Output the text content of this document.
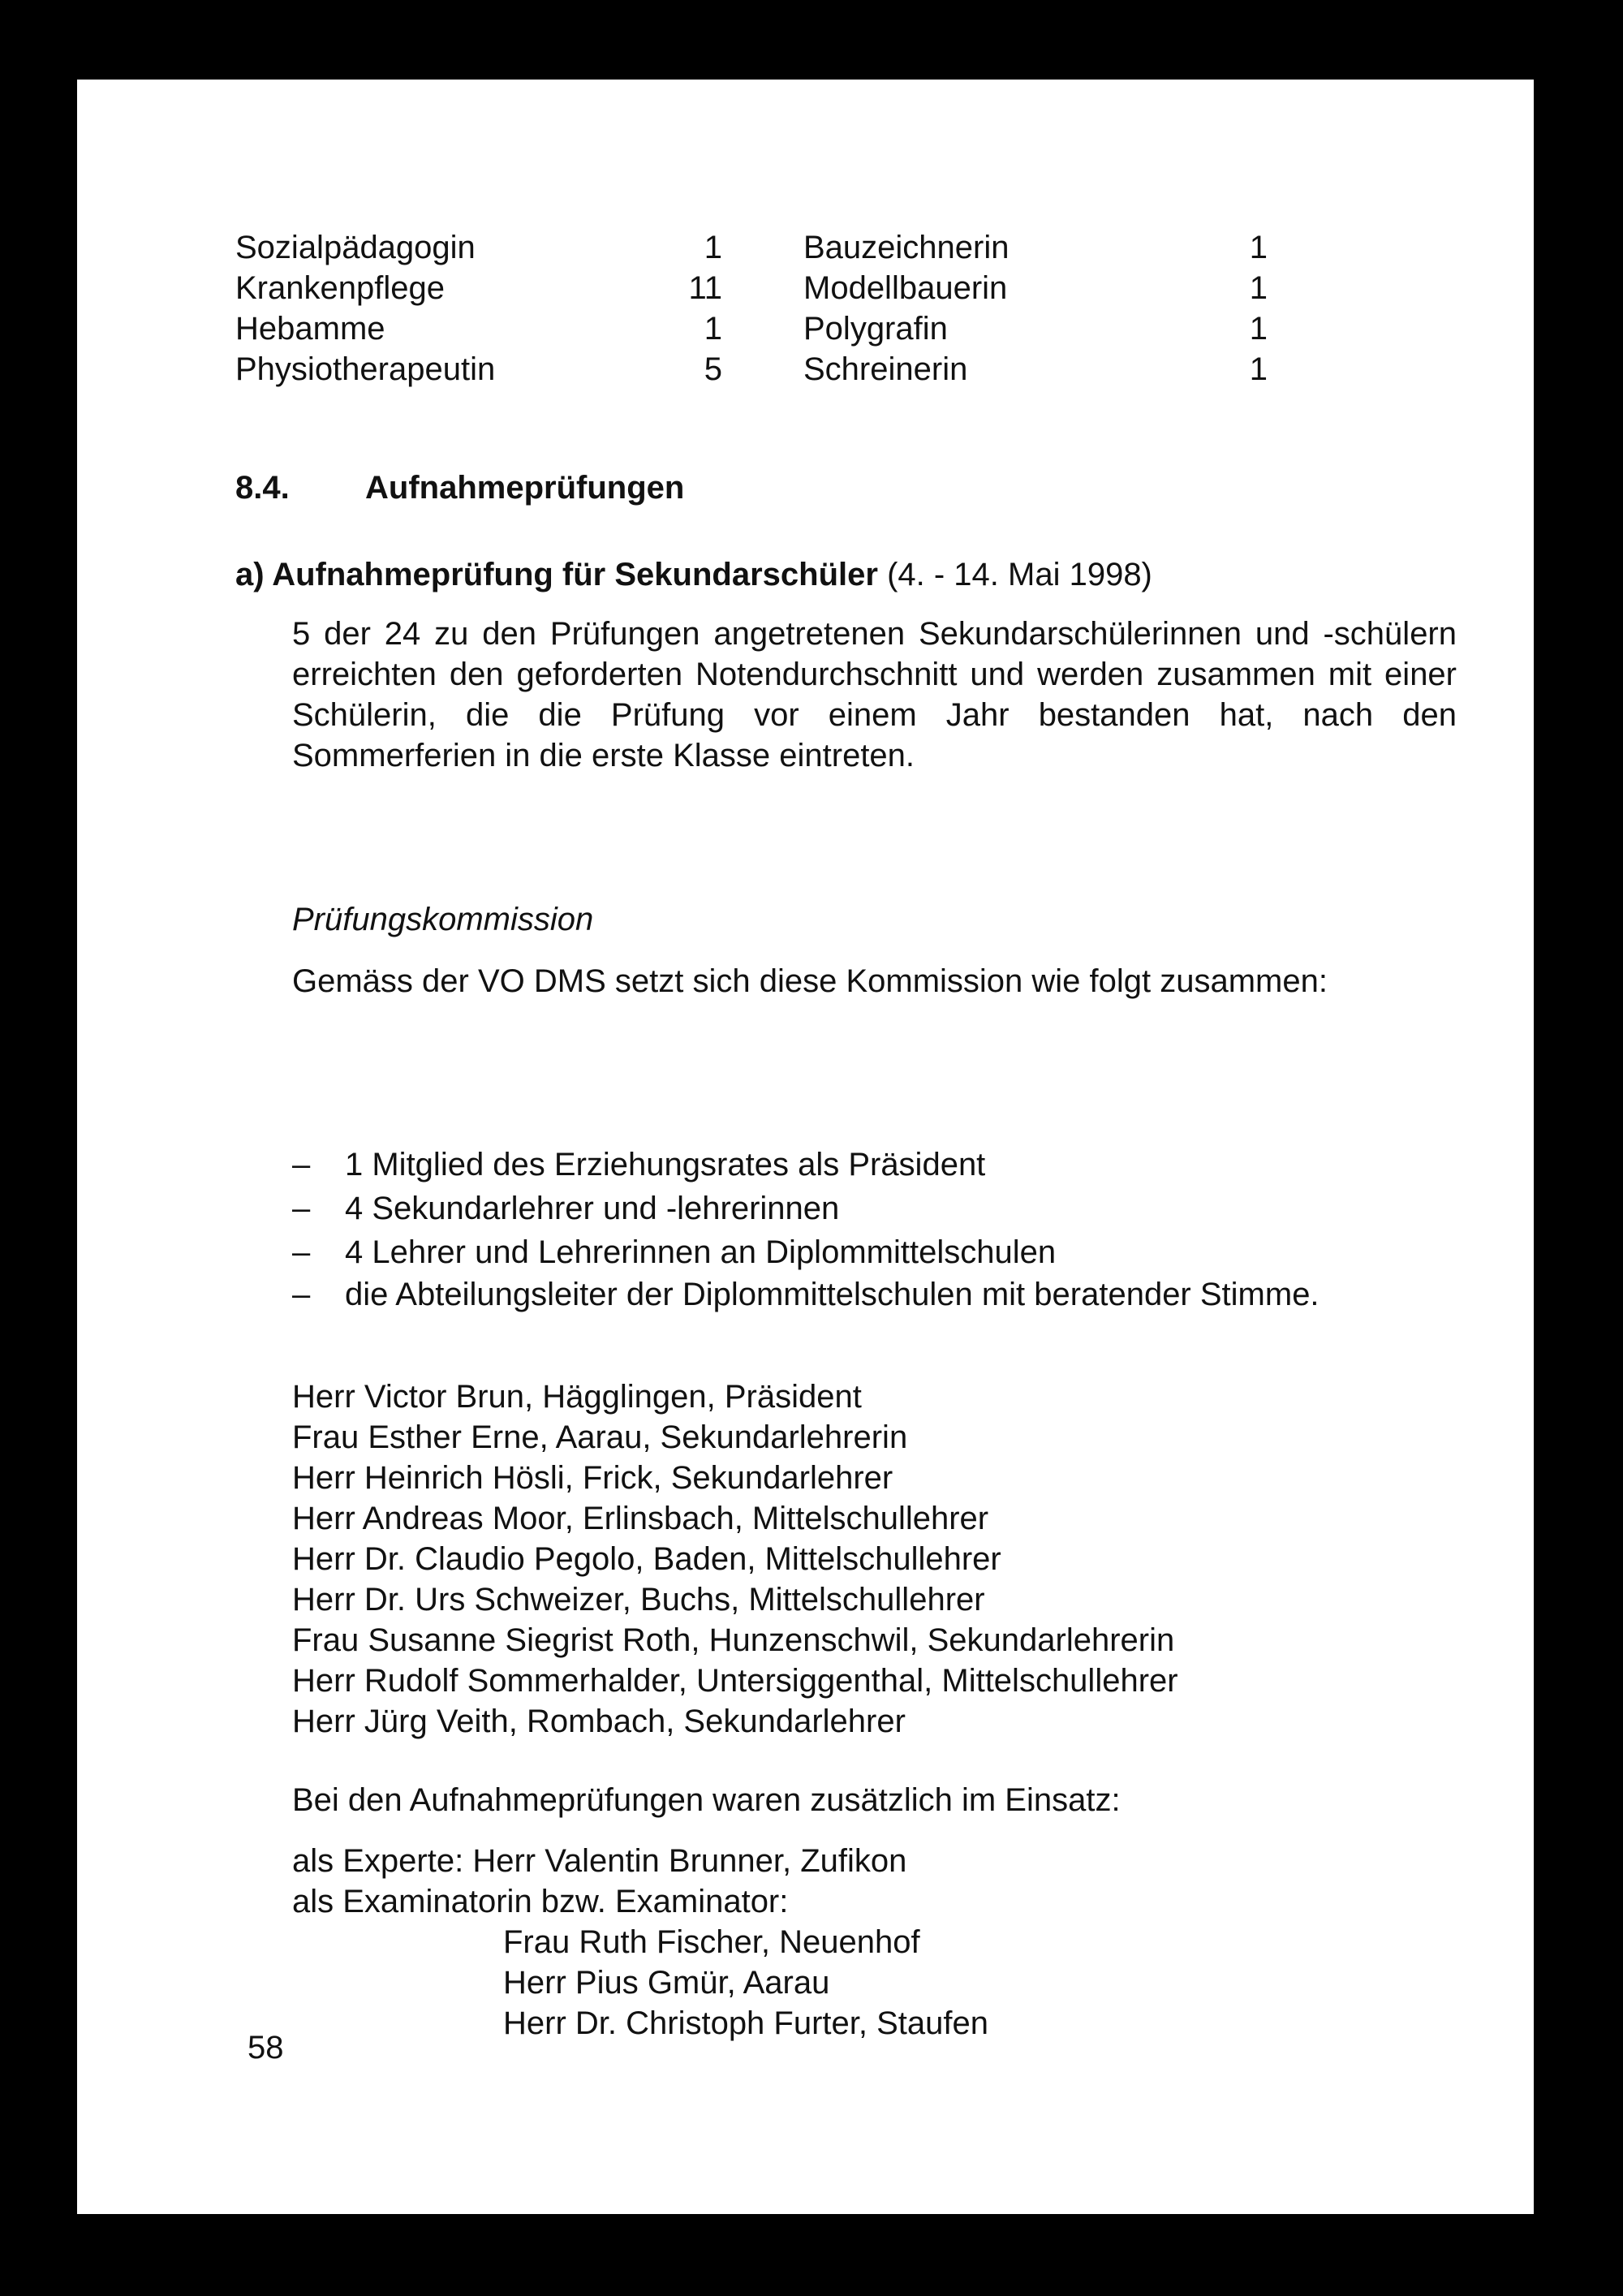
Sozialpädagogin	1	Bauzeichnerin	1
Krankenpflege	11	Modellbauerin	1
Hebamme	1	Polygrafin	1
Physiotherapeutin	5	Schreinerin	1
8.4. Aufnahmeprüfungen
a) Aufnahmeprüfung für Sekundarschüler (4. - 14. Mai 1998)
5 der 24 zu den Prüfungen angetretenen Sekundarschülerinnen und -schülern erreichten den geforderten Notendurchschnitt und werden zusammen mit einer Schülerin, die die Prüfung vor einem Jahr bestanden hat, nach den Sommerferien in die erste Klasse eintreten.
Prüfungskommission
Gemäss der VO DMS setzt sich diese Kommission wie folgt zusammen:
– 1 Mitglied des Erziehungsrates als Präsident
– 4 Sekundarlehrer und -lehrerinnen
– 4 Lehrer und Lehrerinnen an Diplommittelschulen
– die Abteilungsleiter der Diplommittelschulen mit beratender Stimme.
Herr Victor Brun, Hägglingen, Präsident
Frau Esther Erne, Aarau, Sekundarlehrerin
Herr Heinrich Hösli, Frick, Sekundarlehrer
Herr Andreas Moor, Erlinsbach, Mittelschullehrer
Herr Dr. Claudio Pegolo, Baden, Mittelschullehrer
Herr Dr. Urs Schweizer, Buchs, Mittelschullehrer
Frau Susanne Siegrist Roth, Hunzenschwil, Sekundarlehrerin
Herr Rudolf Sommerhalder, Untersiggenthal, Mittelschullehrer
Herr Jürg Veith, Rombach, Sekundarlehrer
Bei den Aufnahmeprüfungen waren zusätzlich im Einsatz:
als Experte: Herr Valentin Brunner, Zufikon
als Examinatorin bzw. Examinator:
Frau Ruth Fischer, Neuenhof
Herr Pius Gmür, Aarau
Herr Dr. Christoph Furter, Staufen
58
